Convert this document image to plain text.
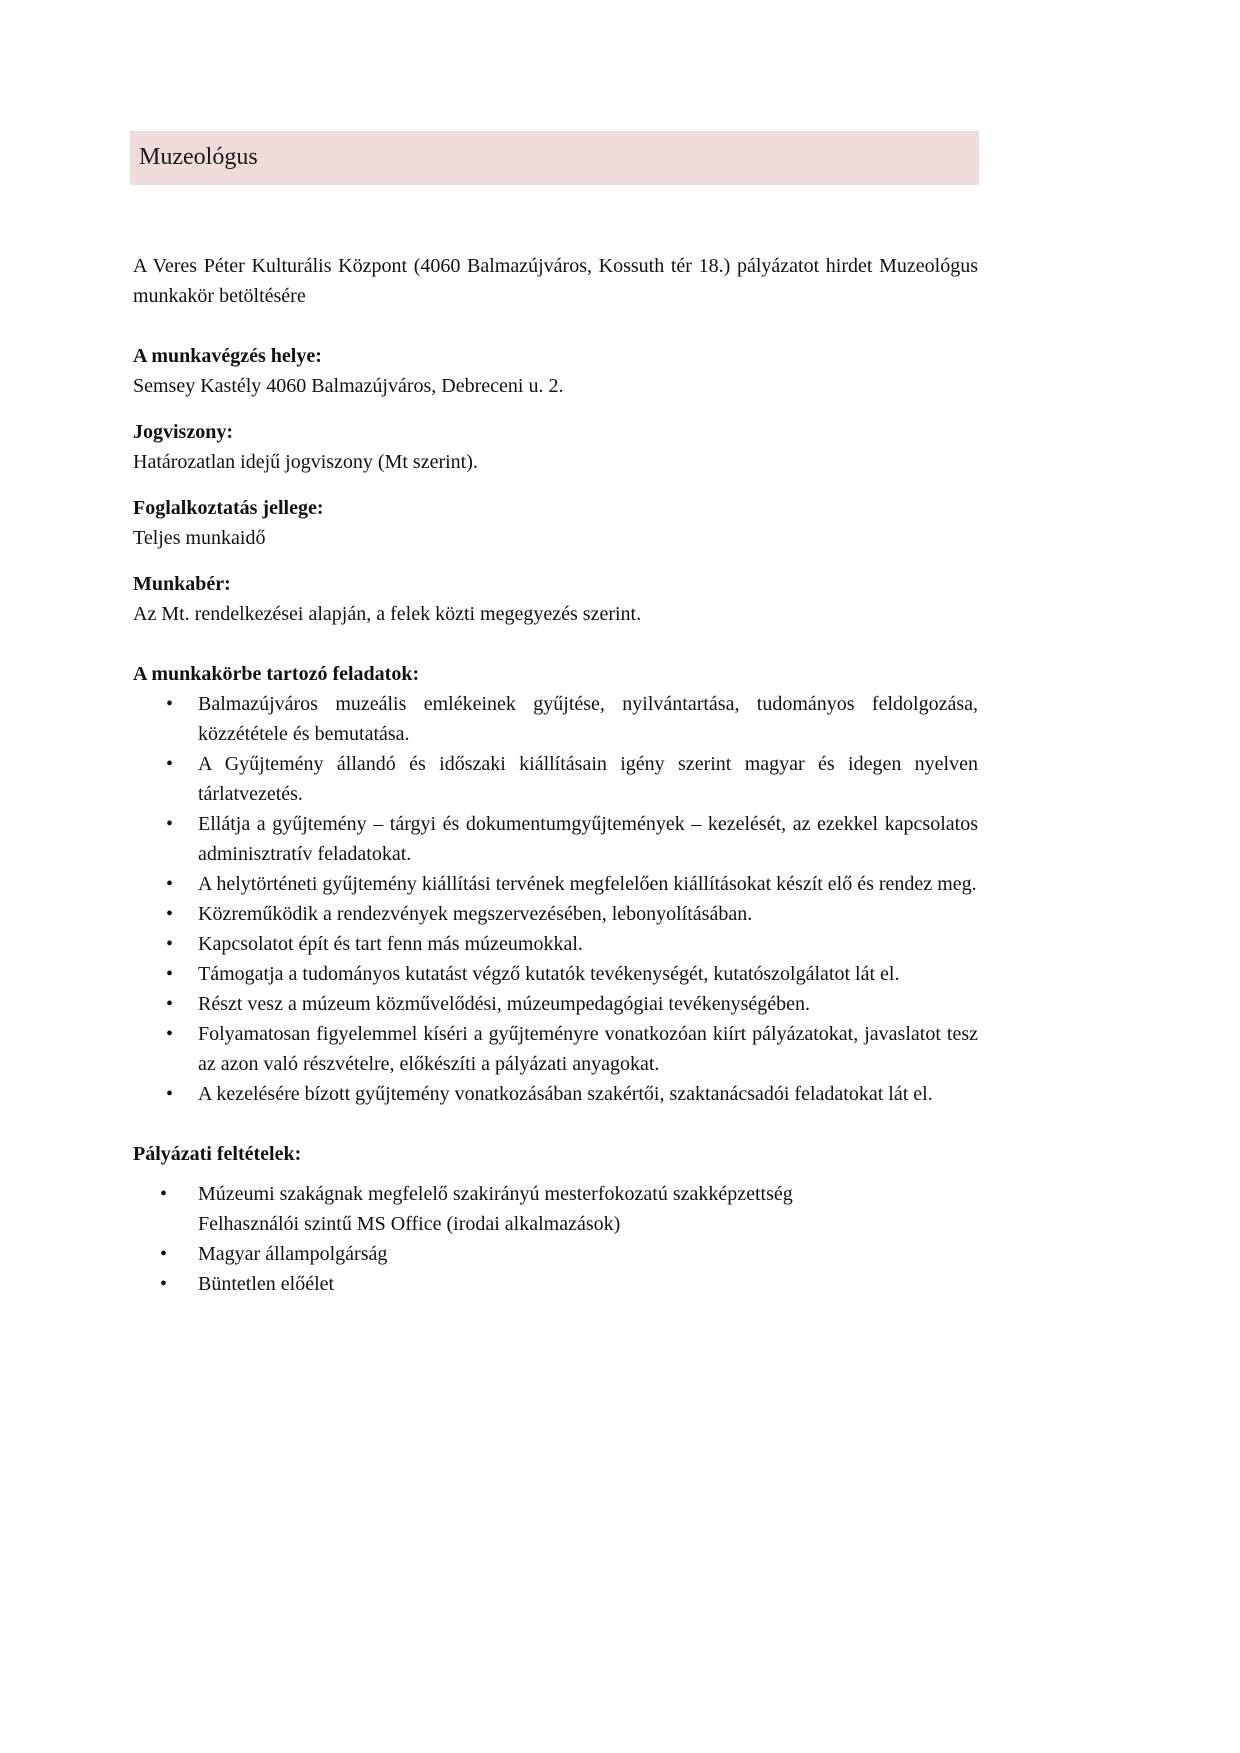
Muzeológus

A Veres Péter Kulturális Központ (4060 Balmazújváros, Kossuth tér 18.) pályázatot hirdet Muzeológus munkakör betöltésére

A munkavégzés helye:

Semsey Kastély 4060 Balmazújváros, Debreceni u. 2.

Jogviszony:

Határozatlan idejű jogviszony (Mt szerint).

Foglalkoztatás jellege:

Teljes munkaidő

Munkabér:

Az Mt. rendelkezései alapján, a felek közti megegyezés szerint.

A munkakörbe tartozó feladatok:

• Balmazújváros muzeális emlékeinek gyűjtése, nyilvántartása, tudományos feldolgozása, közzététele és bemutatása.
• A Gyűjtemény állandó és időszaki kiállításain igény szerint magyar és idegen nyelven tárlatvezetés.
• Ellátja a gyűjtemény – tárgyi és dokumentumgyűjtemények – kezelését, az ezekkel kapcsolatos adminisztratív feladatokat.
• A helytörténeti gyűjtemény kiállítási tervének megfelelően kiállításokat készít elő és rendez meg.
• Közreműködik a rendezvények megszervezésében, lebonyolításában.
• Kapcsolatot épít és tart fenn más múzeumokkal.
• Támogatja a tudományos kutatást végző kutatók tevékenységét, kutatószolgálatot lát el.
• Részt vesz a múzeum közművelődési, múzeumpedagógiai tevékenységében.
• Folyamatosan figyelemmel kíséri a gyűjteményre vonatkozóan kiírt pályázatokat, javaslatot tesz az azon való részvételre, előkészíti a pályázati anyagokat.
• A kezelésére bízott gyűjtemény vonatkozásában szakértői, szaktanácsadói feladatokat lát el.

Pályázati feltételek:

• Múzeumi szakágnak megfelelő szakirányú mesterfokozatú szakképzettség
Felhasználói szintű MS Office (irodai alkalmazások)
• Magyar állampolgárság
• Büntetlen előélet
